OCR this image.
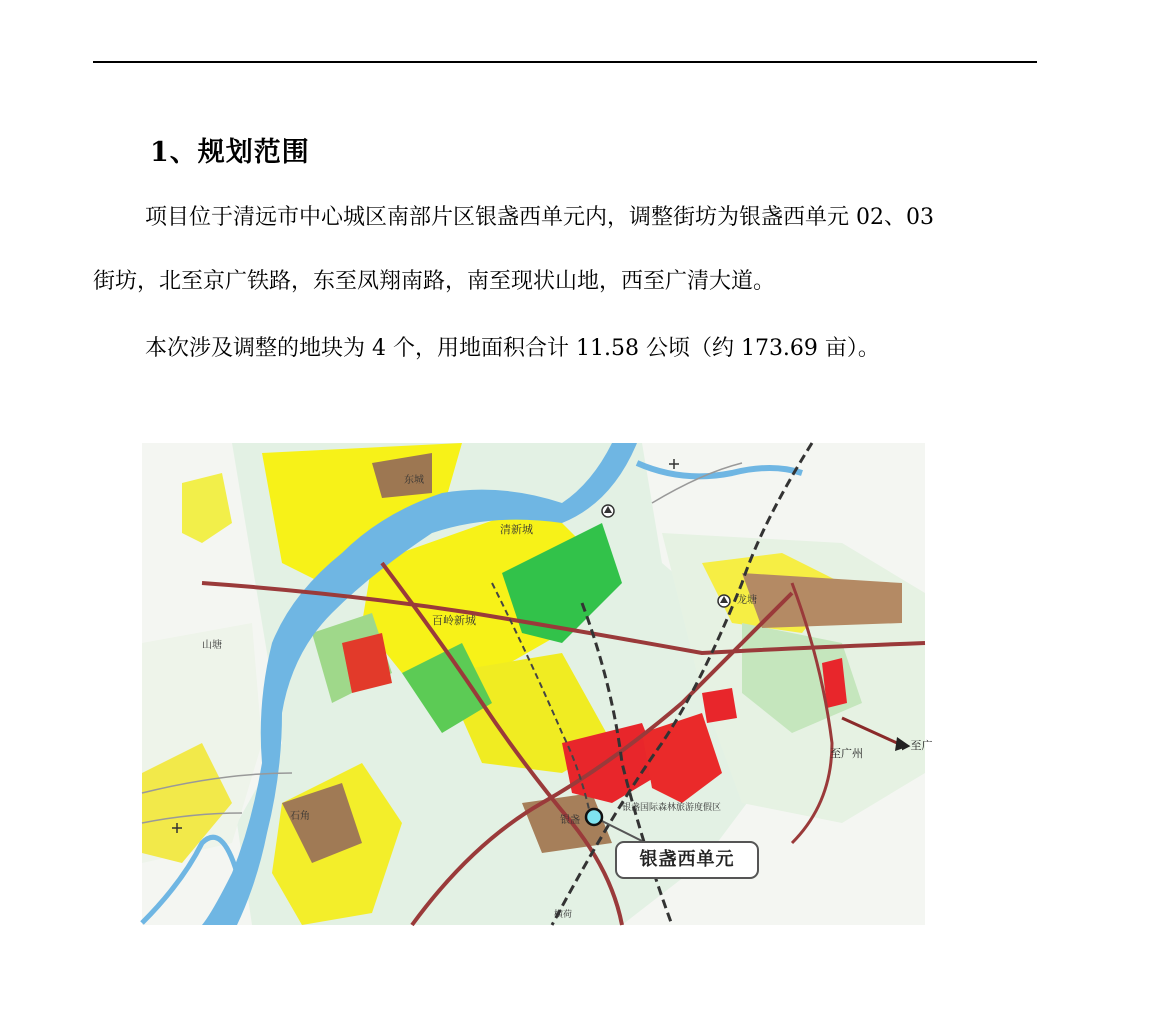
1、规划范围
项目位于清远市中心城区南部片区银盏西单元内，调整街坊为银盏西单元 02、03
街坊，北至京广铁路，东至凤翔南路，南至现状山地，西至广清大道。
本次涉及调整的地块为 4 个，用地面积合计 11.58 公顷（约 173.69 亩）。
东城
清新城
百岭新城
山塘
石角
龙塘
银盏
银盏国际森林旅游度假区
横荷
至广州
▶至广
银盏西单元
